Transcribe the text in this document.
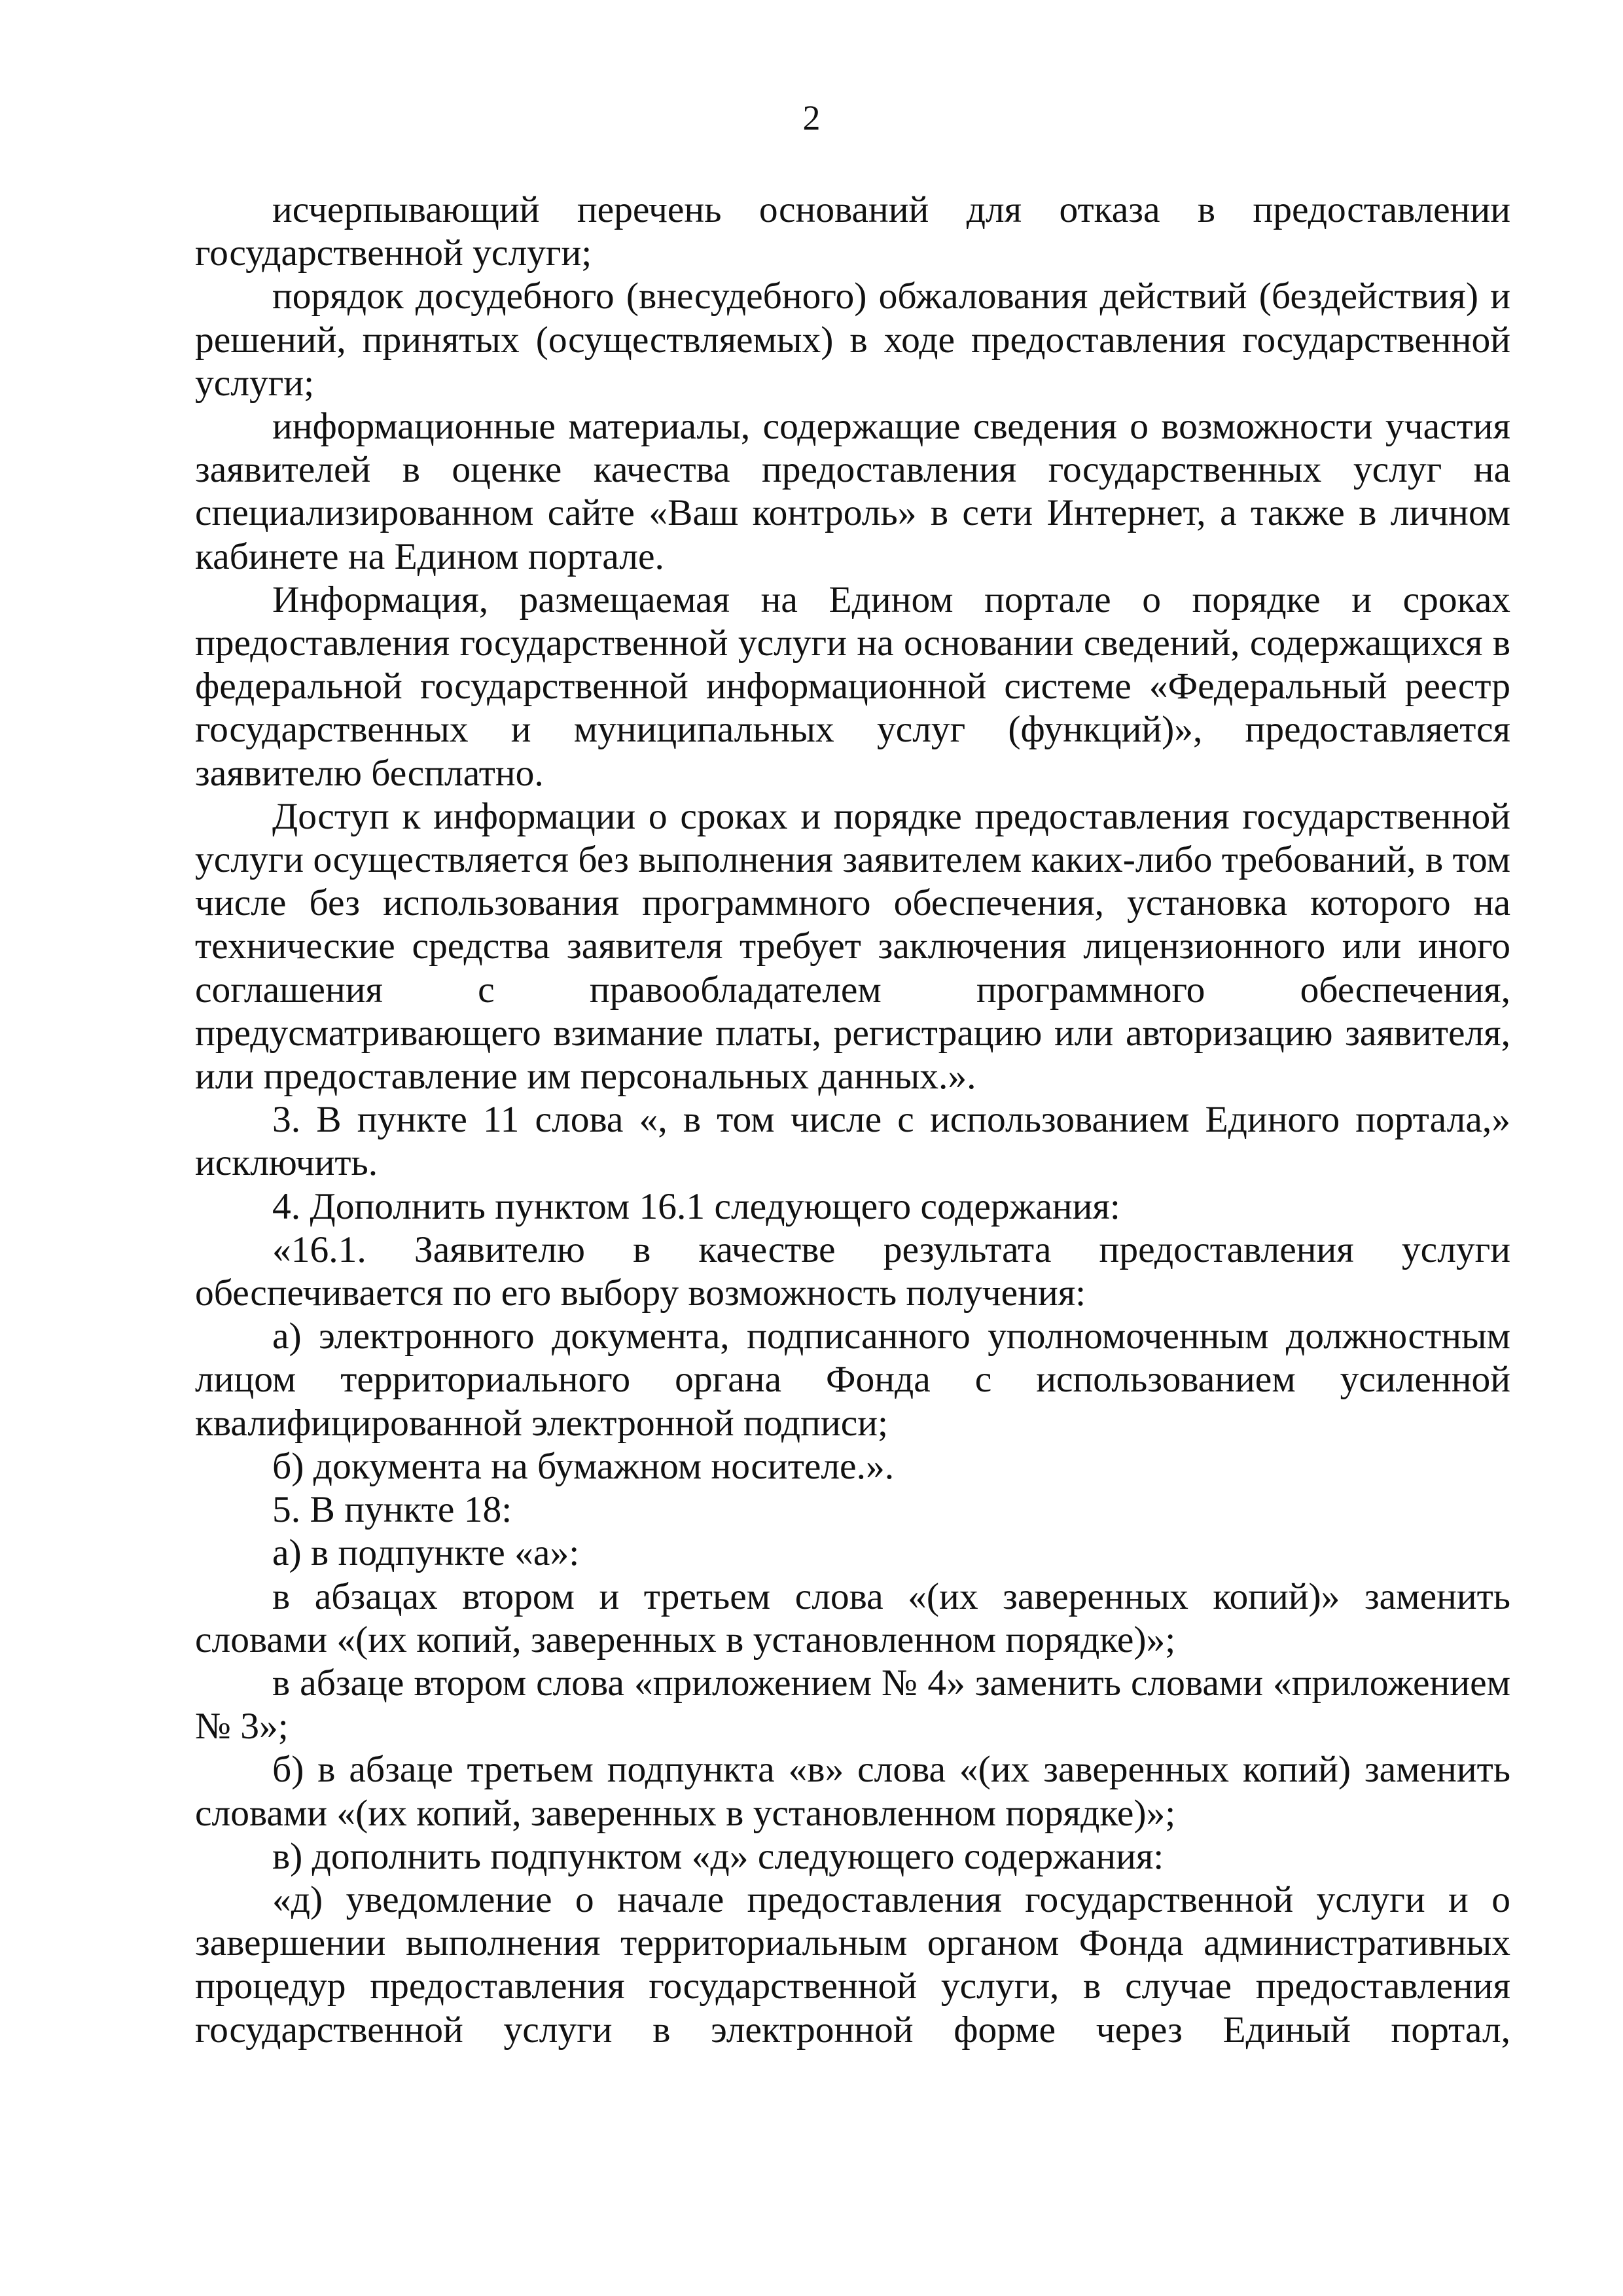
2

исчерпывающий перечень оснований для отказа в предоставлении государственной услуги;

порядок досудебного (внесудебного) обжалования действий (бездействия) и решений, принятых (осуществляемых) в ходе предоставления государственной услуги;

информационные материалы, содержащие сведения о возможности участия заявителей в оценке качества предоставления государственных услуг на специализированном сайте «Ваш контроль» в сети Интернет, а также в личном кабинете на Едином портале.

Информация, размещаемая на Едином портале о порядке и сроках предоставления государственной услуги на основании сведений, содержащихся в федеральной государственной информационной системе «Федеральный реестр государственных и муниципальных услуг (функций)», предоставляется заявителю бесплатно.

Доступ к информации о сроках и порядке предоставления государственной услуги осуществляется без выполнения заявителем каких-либо требований, в том числе без использования программного обеспечения, установка которого на технические средства заявителя требует заключения лицензионного или иного соглашения с правообладателем программного обеспечения, предусматривающего взимание платы, регистрацию или авторизацию заявителя, или предоставление им персональных данных.».

3. В пункте 11 слова «, в том числе с использованием Единого портала,» исключить.

4. Дополнить пунктом 16.1 следующего содержания:

«16.1. Заявителю в качестве результата предоставления услуги обеспечивается по его выбору возможность получения:

а) электронного документа, подписанного уполномоченным должностным лицом территориального органа Фонда с использованием усиленной квалифицированной электронной подписи;

б) документа на бумажном носителе.».

5. В пункте 18:

а) в подпункте «а»:

в абзацах втором и третьем слова «(их заверенных копий)» заменить словами «(их копий, заверенных в установленном порядке)»;

в абзаце втором слова «приложением № 4» заменить словами «приложением № 3»;

б) в абзаце третьем подпункта «в» слова «(их заверенных копий) заменить словами «(их копий, заверенных в установленном порядке)»;

в) дополнить подпунктом «д» следующего содержания:

«д) уведомление о начале предоставления государственной услуги и о завершении выполнения территориальным органом Фонда административных процедур предоставления государственной услуги, в случае предоставления государственной услуги в электронной форме через Единый портал,
